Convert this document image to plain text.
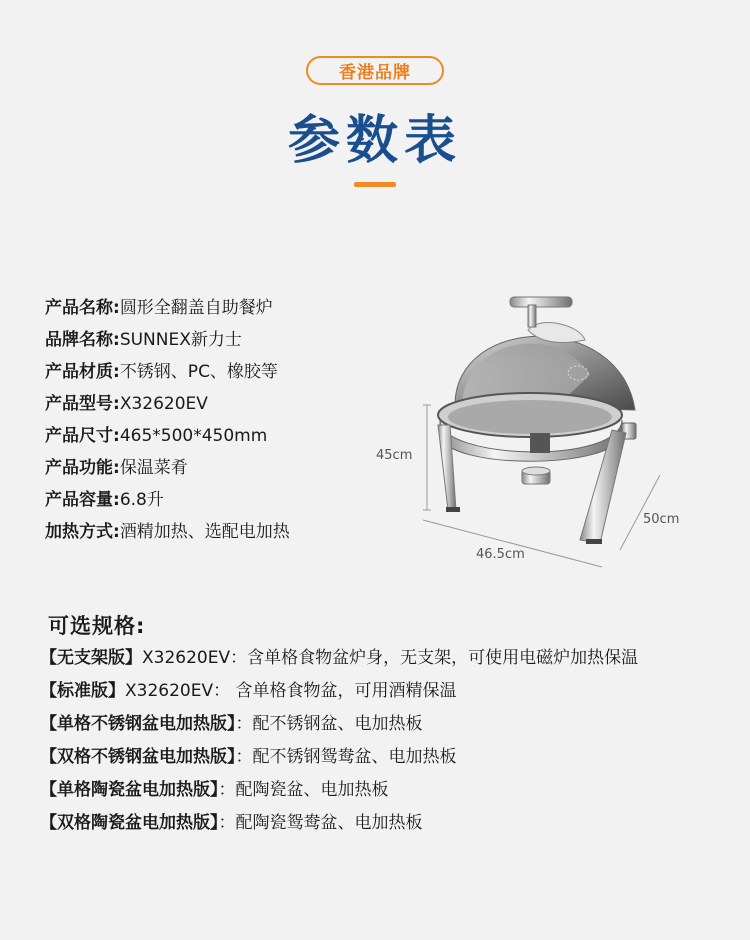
香港品牌
参数表
产品名称:圆形全翻盖自助餐炉
品牌名称:SUNNEX新力士
产品材质:不锈钢、PC、橡胶等
产品型号:X32620EV
产品尺寸:465*500*450mm
产品功能:保温菜肴
产品容量:6.8升
加热方式:酒精加热、选配电加热
45cm
46.5cm
50cm
可选规格:
【无支架版】X32620EV：含单格食物盆炉身，无支架，可使用电磁炉加热保温
【标准版】X32620EV： 含单格食物盆，可用酒精保温
【单格不锈钢盆电加热版】：配不锈钢盆、电加热板
【双格不锈钢盆电加热版】：配不锈钢鸳鸯盆、电加热板
【单格陶瓷盆电加热版】：配陶瓷盆、电加热板
【双格陶瓷盆电加热版】：配陶瓷鸳鸯盆、电加热板
